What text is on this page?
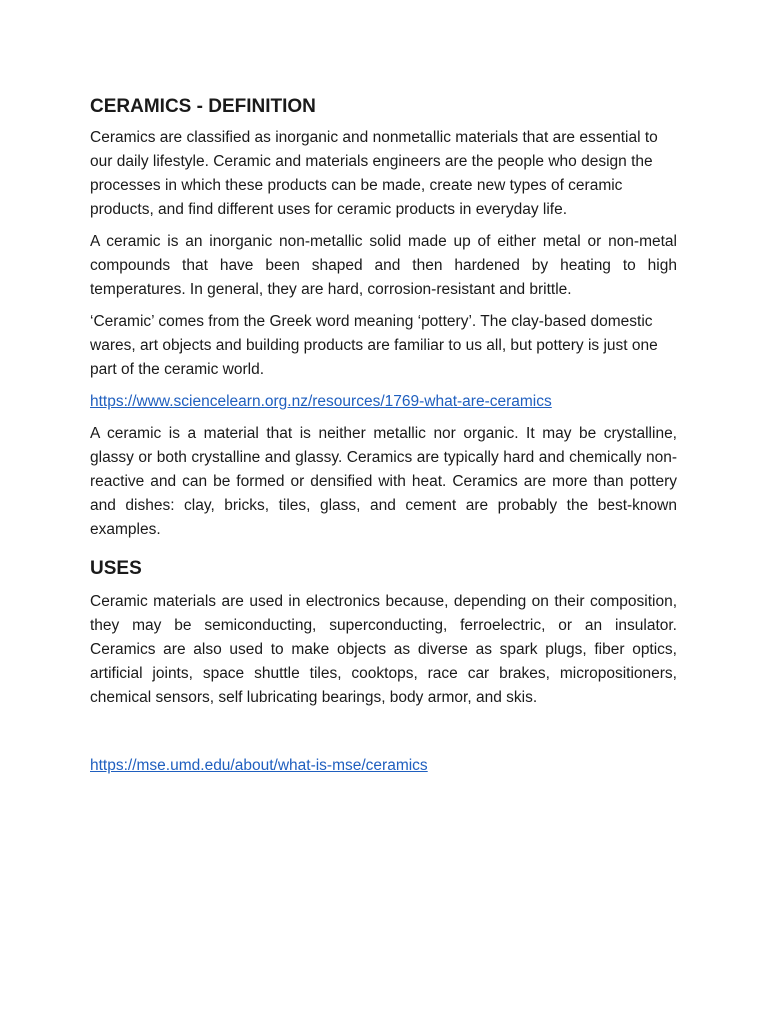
CERAMICS - DEFINITION

Ceramics are classified as inorganic and nonmetallic materials that are essential to our daily lifestyle. Ceramic and materials engineers are the people who design the processes in which these products can be made, create new types of ceramic products, and find different uses for ceramic products in everyday life.

A ceramic is an inorganic non-metallic solid made up of either metal or non-metal compounds that have been shaped and then hardened by heating to high temperatures. In general, they are hard, corrosion-resistant and brittle.

‘Ceramic’ comes from the Greek word meaning ‘pottery’. The clay-based domestic wares, art objects and building products are familiar to us all, but pottery is just one part of the ceramic world.

https://www.sciencelearn.org.nz/resources/1769-what-are-ceramics

A ceramic is a material that is neither metallic nor organic. It may be crystalline, glassy or both crystalline and glassy. Ceramics are typically hard and chemically non-reactive and can be formed or densified with heat. Ceramics are more than pottery and dishes: clay, bricks, tiles, glass, and cement are probably the best-known examples.

USES

Ceramic materials are used in electronics because, depending on their composition, they may be semiconducting, superconducting, ferroelectric, or an insulator. Ceramics are also used to make objects as diverse as spark plugs, fiber optics, artificial joints, space shuttle tiles, cooktops, race car brakes, micropositioners, chemical sensors, self lubricating bearings, body armor, and skis.

https://mse.umd.edu/about/what-is-mse/ceramics
